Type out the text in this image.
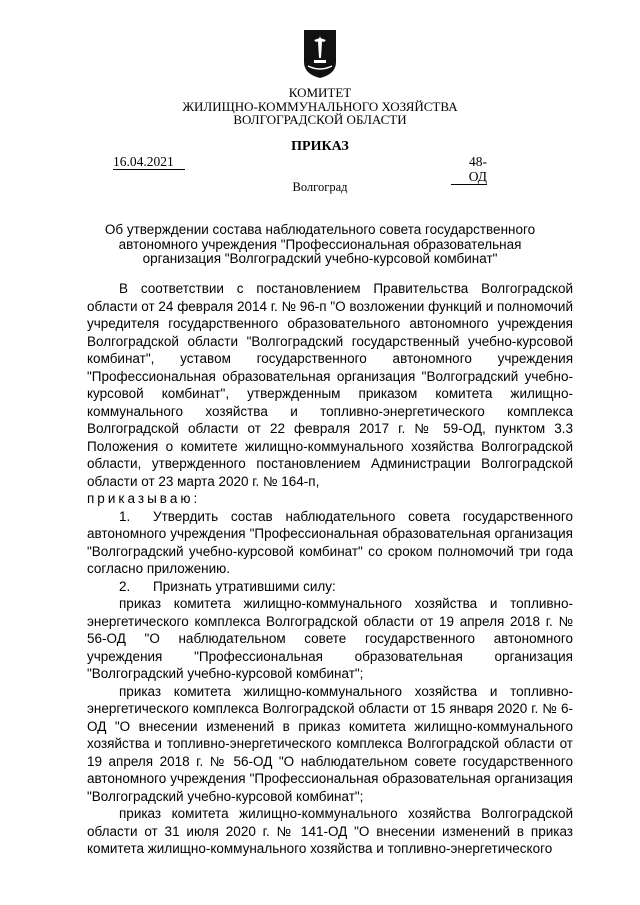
КОМИТЕТ
ЖИЛИЩНО-КОММУНАЛЬНОГО ХОЗЯЙСТВА
ВОЛГОГРАДСКОЙ ОБЛАСТИ
ПРИКАЗ
16.04.2021	48-ОД
Волгоград
Об утверждении состава наблюдательного совета государственного автономного учреждения "Профессиональная образовательная организация "Волгоградский учебно-курсовой комбинат"

В соответствии с постановлением Правительства Волгоградской области от 24 февраля 2014 г. № 96-п "О возложении функций и полномочий учредителя государственного образовательного автономного учреждения Волгоградской области "Волгоградский государственный учебно-курсовой комбинат", уставом государственного автономного учреждения "Профессиональная образовательная организация "Волгоградский учебно-курсовой комбинат", утвержденным приказом комитета жилищно-коммунального хозяйства и топливно-энергетического комплекса Волгоградской области от 22 февраля 2017 г. № 59-ОД, пунктом 3.3 Положения о комитете жилищно-коммунального хозяйства Волгоградской области, утвержденного постановлением Администрации Волгоградской области от 23 марта 2020 г. № 164-п,

приказываю:

1. Утвердить состав наблюдательного совета государственного автономного учреждения "Профессиональная образовательная организация "Волгоградский учебно-курсовой комбинат" со сроком полномочий три года согласно приложению.

2. Признать утратившими силу:

приказ комитета жилищно-коммунального хозяйства и топливно-энергетического комплекса Волгоградской области от 19 апреля 2018 г. № 56-ОД "О наблюдательном совете государственного автономного учреждения "Профессиональная образовательная организация "Волгоградский учебно-курсовой комбинат";

приказ комитета жилищно-коммунального хозяйства и топливно-энергетического комплекса Волгоградской области от 15 января 2020 г. № 6-ОД "О внесении изменений в приказ комитета жилищно-коммунального хозяйства и топливно-энергетического комплекса Волгоградской области от 19 апреля 2018 г. № 56-ОД "О наблюдательном совете государственного автономного учреждения "Профессиональная образовательная организация "Волгоградский учебно-курсовой комбинат";

приказ комитета жилищно-коммунального хозяйства Волгоградской области от 31 июля 2020 г. № 141-ОД "О внесении изменений в приказ комитета жилищно-коммунального хозяйства и топливно-энергетического
